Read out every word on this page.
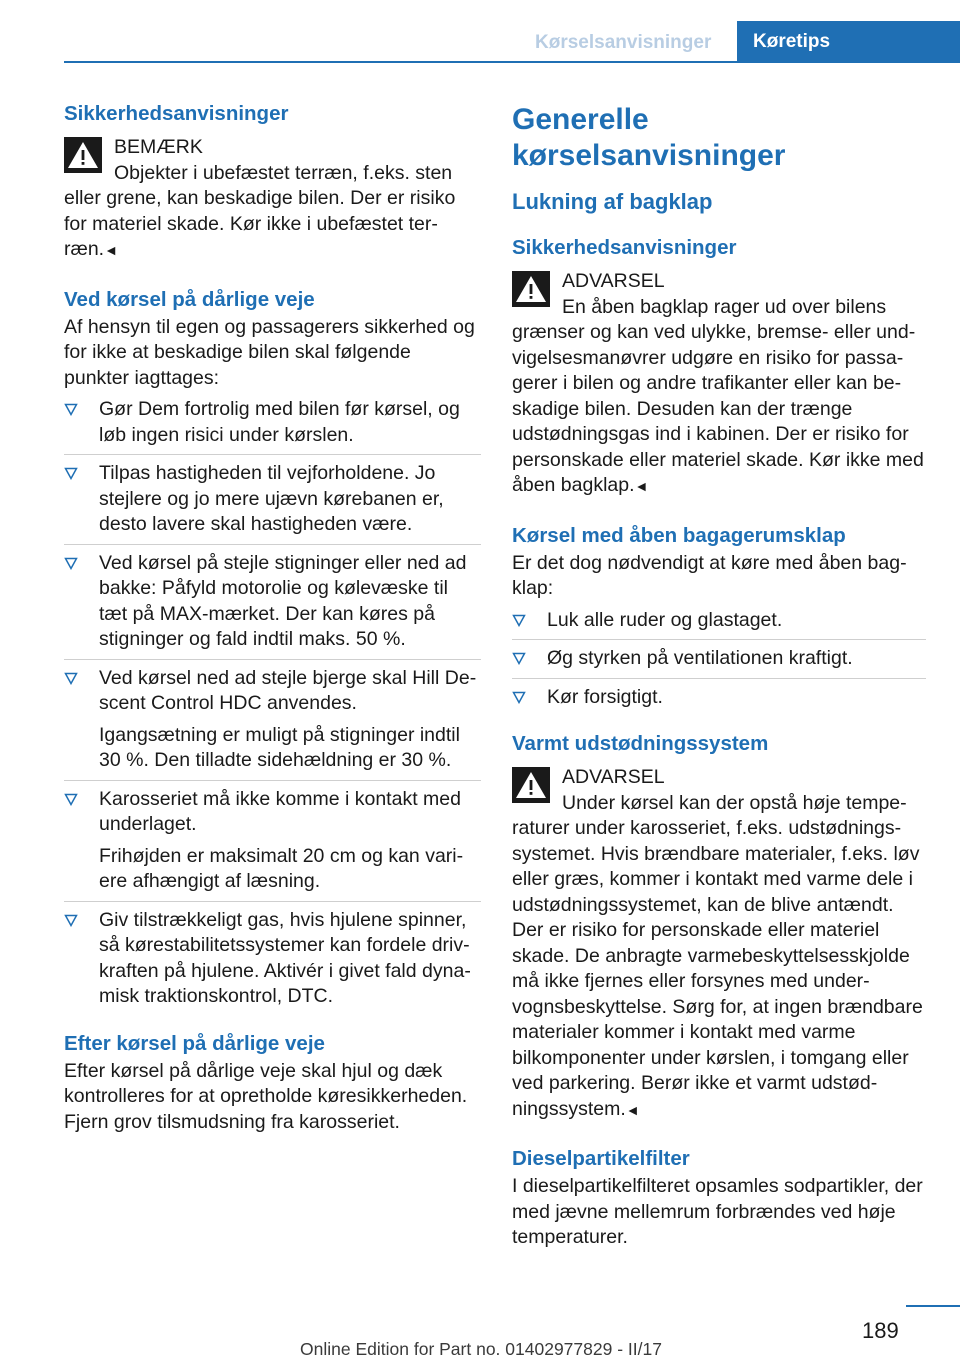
Kørselsanvisninger	Køretips
Sikkerhedsanvisninger
BEMÆRK
Objekter i ubefæstet terræn, f.eks. sten eller grene, kan beskadige bilen. Der er risiko for materiel skade. Kør ikke i ubefæstet terræn.◄
Ved kørsel på dårlige veje

Af hensyn til egen og passagerers sikkerhed og for ikke at beskadige bilen skal følgende punkter iagttages:

Gør Dem fortrolig med bilen før kørsel, og løb ingen risici under kørslen.
Tilpas hastigheden til vejforholdene. Jo stejlere og jo mere ujævn kørebanen er, desto lavere skal hastigheden være.
Ved kørsel på stejle stigninger eller ned ad bakke: Påfyld motorolie og kølevæske til tæt på MAX-mærket. Der kan køres på stigninger og fald indtil maks. 50 %.
Ved kørsel ned ad stejle bjerge skal Hill Descent Control HDC anvendes.
Igangsætning er muligt på stigninger indtil 30 %. Den tilladte sidehældning er 30 %.
Karosseriet må ikke komme i kontakt med underlaget.
Frihøjden er maksimalt 20 cm og kan variere afhængigt af læsning.
Giv tilstrækkeligt gas, hvis hjulene spinner, så kørestabilitetssystemer kan fordele drivkraften på hjulene. Aktivér i givet fald dynamisk traktionskontrol, DTC.
Efter kørsel på dårlige veje

Efter kørsel på dårlige veje skal hjul og dæk kontrolleres for at opretholde køresikkerheden. Fjern grov tilsmudsning fra karosseriet.

Generelle kørselsanvisninger
Lukning af bagklap
Sikkerhedsanvisninger
ADVARSEL
En åben bagklap rager ud over bilens grænser og kan ved ulykke, bremse- eller undvigelsesmanøvrer udgøre en risiko for passagerer i bilen og andre trafikanter eller kan beskadige bilen. Desuden kan der trænge udstødningsgas ind i kabinen. Der er risiko for personskade eller materiel skade. Kør ikke med åben bagklap.◄
Kørsel med åben bagagerumsklap

Er det dog nødvendigt at køre med åben bagklap:

Luk alle ruder og glastaget.
Øg styrken på ventilationen kraftigt.
Kør forsigtigt.
Varmt udstødningssystem
ADVARSEL
Under kørsel kan der opstå høje temperaturer under karosseriet, f.eks. udstødningssystemet. Hvis brændbare materialer, f.eks. løv eller græs, kommer i kontakt med varme dele i udstødningssystemet, kan de blive antændt. Der er risiko for personskade eller materiel skade. De anbragte varmebeskyttelsesskjolde må ikke fjernes eller forsynes med undervognsbeskyttelse. Sørg for, at ingen brændbare materialer kommer i kontakt med varme bilkomponenter under kørslen, i tomgang eller ved parkering. Berør ikke et varmt udstødningssystem.◄
Dieselpartikelfilter

I dieselpartikelfilteret opsamles sodpartikler, der med jævne mellemrum forbrændes ved høje temperaturer.

189
Online Edition for Part no. 01402977829 - II/17
